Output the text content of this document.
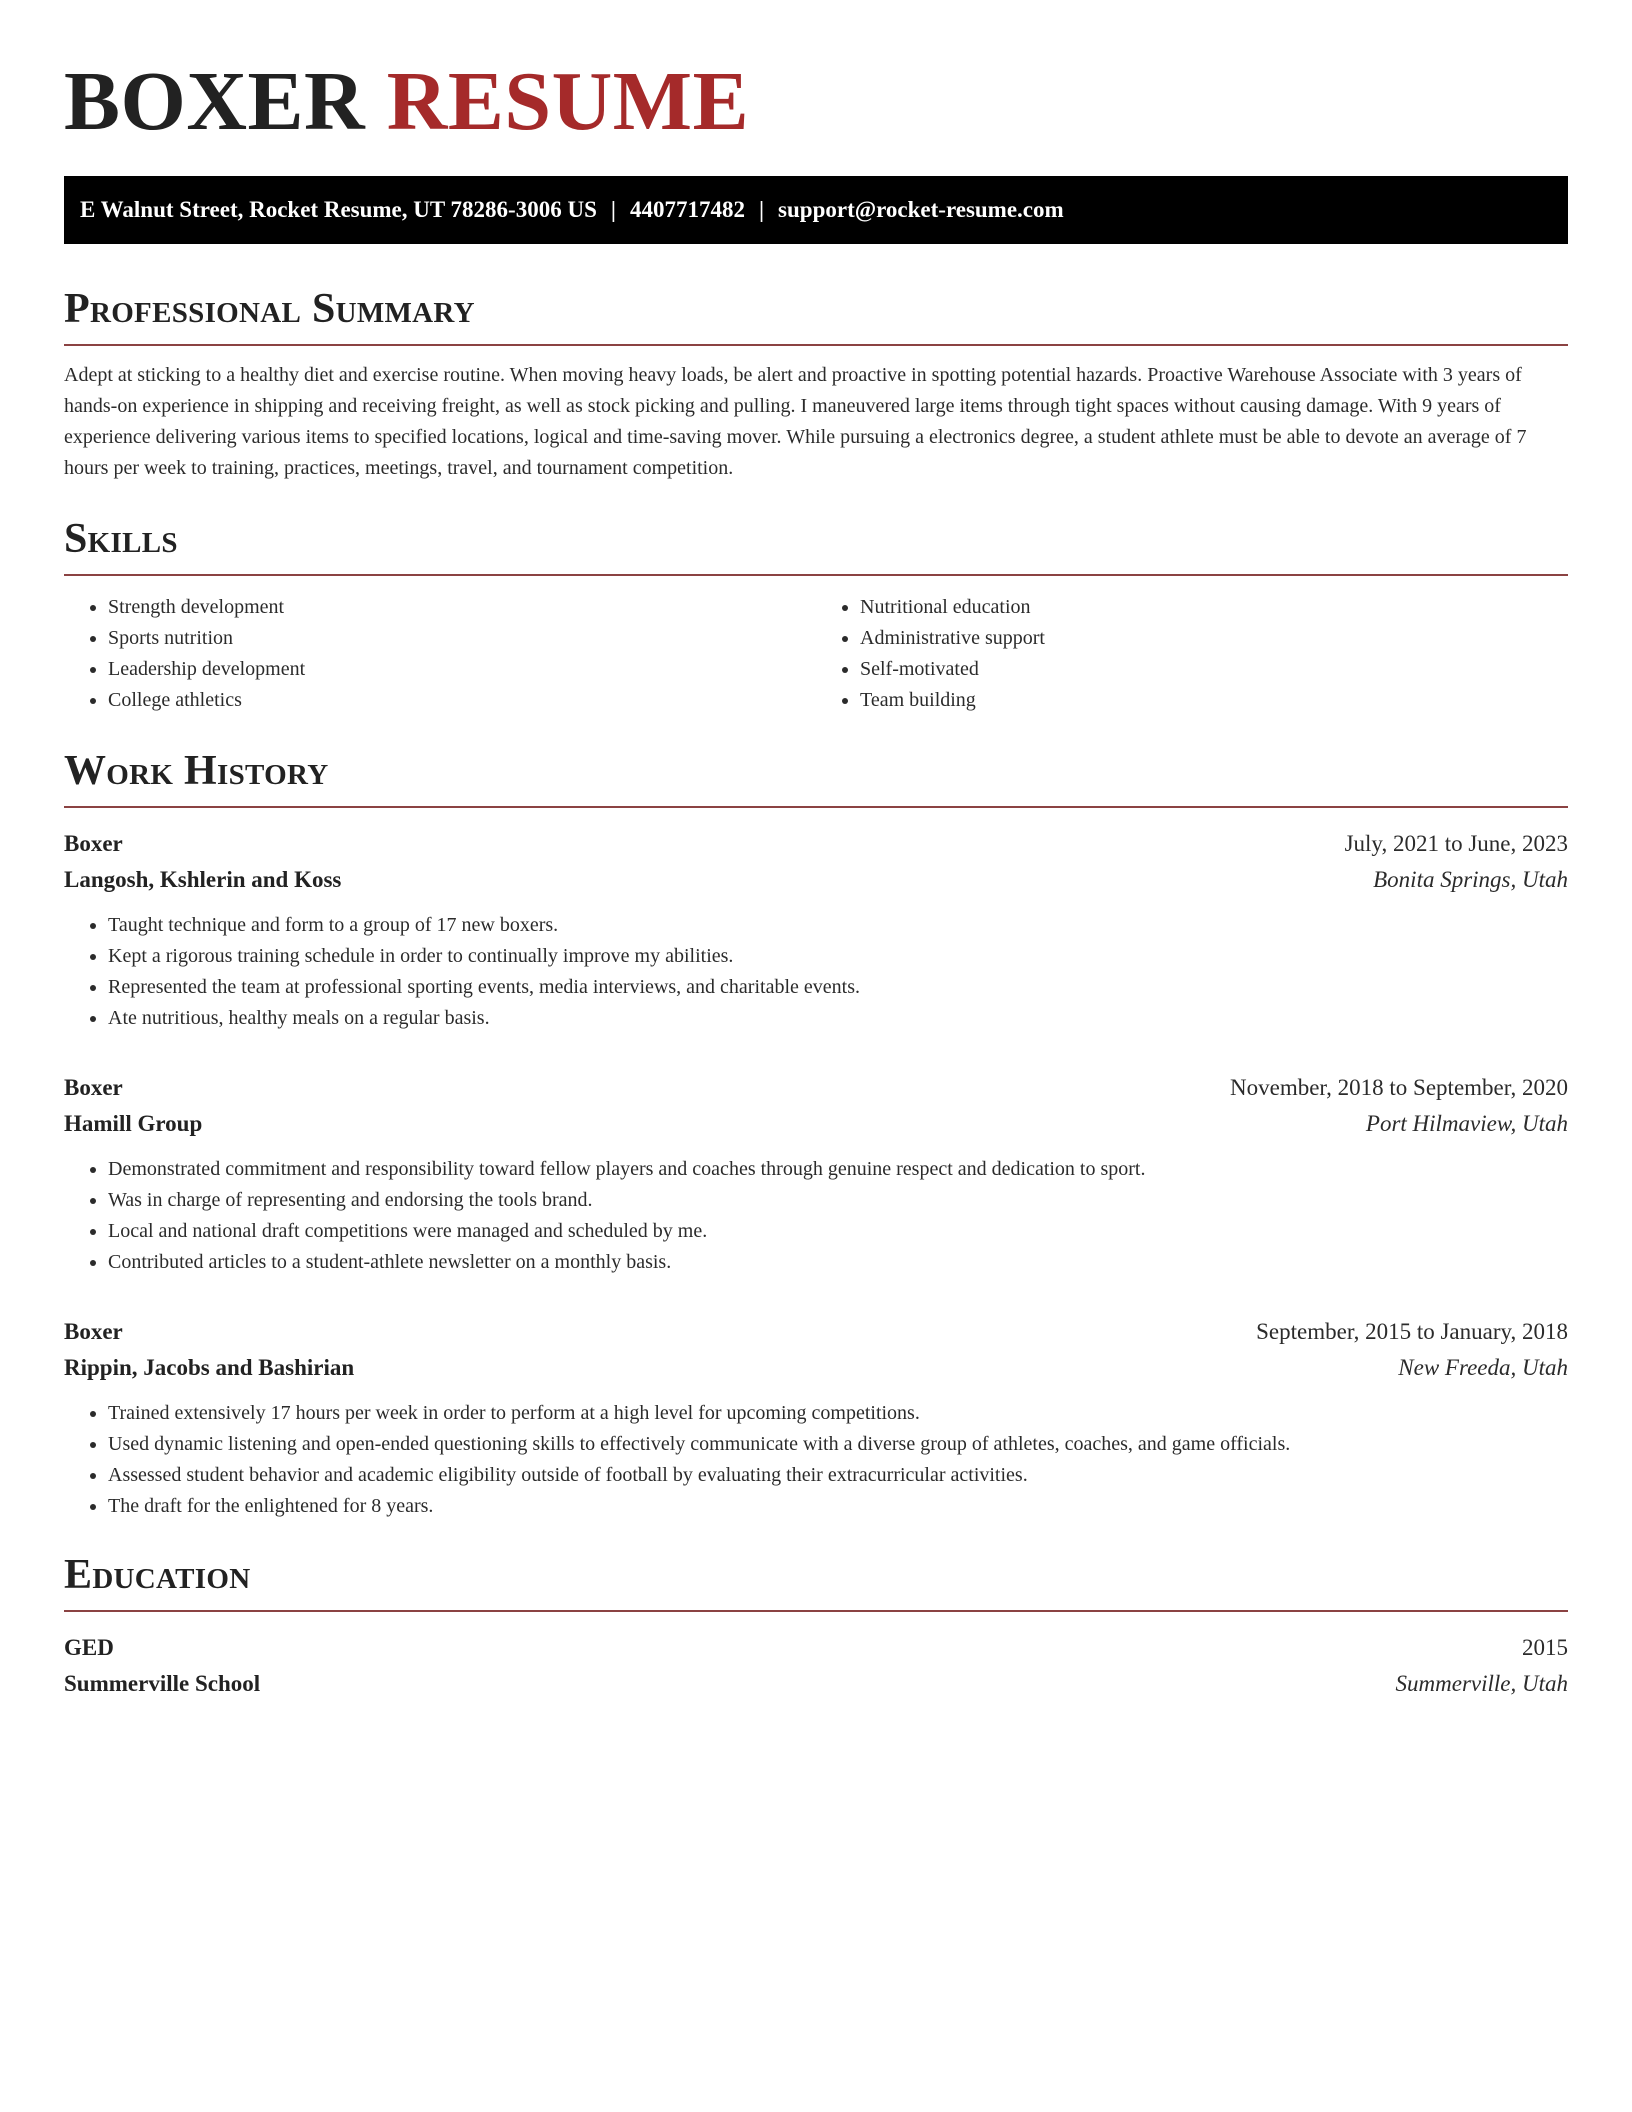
BOXER RESUME
E Walnut Street, Rocket Resume, UT 78286-3006 US | 4407717482 | support@rocket-resume.com
Professional Summary

Adept at sticking to a healthy diet and exercise routine. When moving heavy loads, be alert and proactive in spotting potential hazards. Proactive Warehouse Associate with 3 years of hands-on experience in shipping and receiving freight, as well as stock picking and pulling. I maneuvered large items through tight spaces without causing damage. With 9 years of experience delivering various items to specified locations, logical and time-saving mover. While pursuing a electronics degree, a student athlete must be able to devote an average of 7 hours per week to training, practices, meetings, travel, and tournament competition.

Skills
• Strength development
• Sports nutrition
• Leadership development
• College athletics
• Nutritional education
• Administrative support
• Self-motivated
• Team building
Work History
Boxer	July, 2021 to June, 2023
Langosh, Kshlerin and Koss	Bonita Springs, Utah
• Taught technique and form to a group of 17 new boxers.
• Kept a rigorous training schedule in order to continually improve my abilities.
• Represented the team at professional sporting events, media interviews, and charitable events.
• Ate nutritious, healthy meals on a regular basis.
Boxer	November, 2018 to September, 2020
Hamill Group	Port Hilmaview, Utah
• Demonstrated commitment and responsibility toward fellow players and coaches through genuine respect and dedication to sport.
• Was in charge of representing and endorsing the tools brand.
• Local and national draft competitions were managed and scheduled by me.
• Contributed articles to a student-athlete newsletter on a monthly basis.
Boxer	September, 2015 to January, 2018
Rippin, Jacobs and Bashirian	New Freeda, Utah
• Trained extensively 17 hours per week in order to perform at a high level for upcoming competitions.
• Used dynamic listening and open-ended questioning skills to effectively communicate with a diverse group of athletes, coaches, and game officials.
• Assessed student behavior and academic eligibility outside of football by evaluating their extracurricular activities.
• The draft for the enlightened for 8 years.
Education
GED	2015
Summerville School	Summerville, Utah
